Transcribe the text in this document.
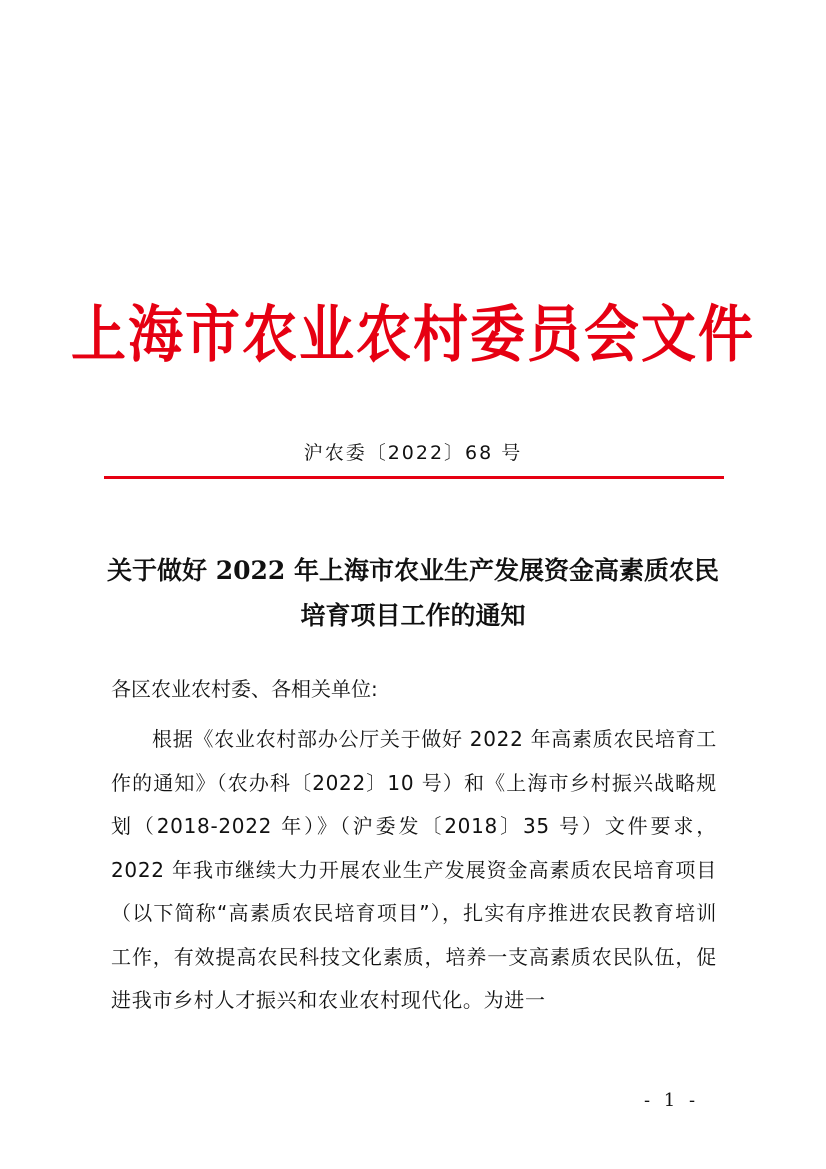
上海市农业农村委员会文件
沪农委〔2022〕68 号
关于做好 2022 年上海市农业生产发展资金高素质农民
培育项目工作的通知
各区农业农村委、各相关单位:
根据《农业农村部办公厅关于做好 2022 年高素质农民培育工作的通知》（农办科〔2022〕10 号）和《上海市乡村振兴战略规划（2018-2022 年）》（沪委发〔2018〕35 号）文件要求，2022 年我市继续大力开展农业生产发展资金高素质农民培育项目（以下简称“高素质农民培育项目”），扎实有序推进农民教育培训工作，有效提高农民科技文化素质，培养一支高素质农民队伍，促进我市乡村人才振兴和农业农村现代化。为进一
- 1 -
